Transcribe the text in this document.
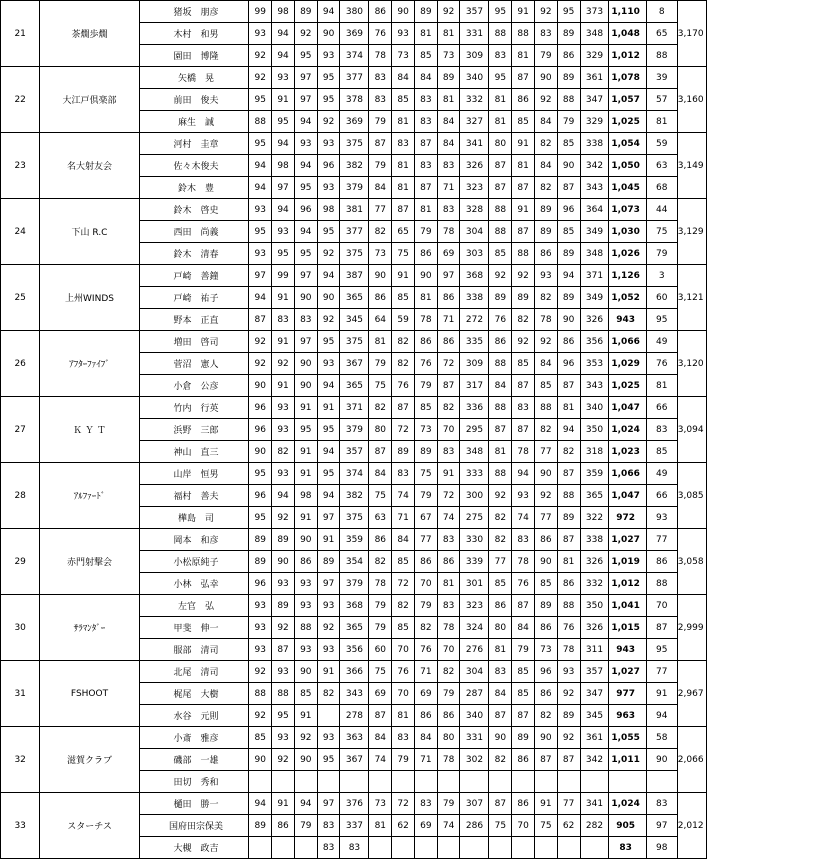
21	茶燗歩燗	猪坂　朋彦	99	98	89	94	380	86	90	89	92	357	95	91	92	95	373	1,110	8	3,170
		木村　和男	93	94	92	90	369	76	93	81	81	331	88	88	83	89	348	1,048	65	
		園田　博隆	92	94	95	93	374	78	73	85	73	309	83	81	79	86	329	1,012	88	
22	大江戸倶楽部	矢橋　晃	92	93	97	95	377	83	84	84	89	340	95	87	90	89	361	1,078	39	3,160
		前田　俊夫	95	91	97	95	378	83	85	83	81	332	81	86	92	88	347	1,057	57	
		麻生　誠	88	95	94	92	369	79	81	83	84	327	81	85	84	79	329	1,025	81	
23	名大射友会	河村　圭章	95	94	93	93	375	87	83	87	84	341	80	91	82	85	338	1,054	59	3,149
		佐々木俊夫	94	98	94	96	382	79	81	83	83	326	87	81	84	90	342	1,050	63	
		鈴木　豊	94	97	95	93	379	84	81	87	71	323	87	87	82	87	343	1,045	68	
24	下山 R.C	鈴木　啓史	93	94	96	98	381	77	87	81	83	328	88	91	89	96	364	1,073	44	3,129
		西田　尚義	95	93	94	95	377	82	65	79	78	304	88	87	89	85	349	1,030	75	
		鈴木　清春	93	95	95	92	375	73	75	86	69	303	85	88	86	89	348	1,026	79	
25	上州WINDS	戸崎　善鐘	97	99	97	94	387	90	91	90	97	368	92	92	93	94	371	1,126	3	3,121
		戸崎　祐子	94	91	90	90	365	86	85	81	86	338	89	89	82	89	349	1,052	60	
		野本　正直	87	83	83	92	345	64	59	78	71	272	76	82	78	90	326	943	95	
26	ｱﾌﾀｰﾌｧｲﾌﾞ	増田　啓司	92	91	97	95	375	81	82	86	86	335	86	92	92	86	356	1,066	49	3,120
		菅沼　憲人	92	92	90	93	367	79	82	76	72	309	88	85	84	96	353	1,029	76	
		小倉　公彦	90	91	90	94	365	75	76	79	87	317	84	87	85	87	343	1,025	81	
27	Ｋ Ｙ Ｔ	竹内　行英	96	93	91	91	371	82	87	85	82	336	88	83	88	81	340	1,047	66	3,094
		浜野　三郎	96	93	95	95	379	80	72	73	70	295	87	87	82	94	350	1,024	83	
		神山　直三	90	82	91	94	357	87	89	89	83	348	81	78	77	82	318	1,023	85	
28	ｱﾙﾌｧｰﾄﾞ	山岸　恒男	95	93	91	95	374	84	83	75	91	333	88	94	90	87	359	1,066	49	3,085
		福村　善夫	96	94	98	94	382	75	74	79	72	300	92	93	92	88	365	1,047	66	
		樺島　司	95	92	91	97	375	63	71	67	74	275	82	74	77	89	322	972	93	
29	赤門射撃会	岡本　和彦	89	89	90	91	359	86	84	77	83	330	82	83	86	87	338	1,027	77	3,058
		小松原純子	89	90	86	89	354	82	85	86	86	339	77	78	90	81	326	1,019	86	
		小林　弘幸	96	93	93	97	379	78	72	70	81	301	85	76	85	86	332	1,012	88	
30	ｻﾗﾏﾝﾀﾞｰ	左官　弘	93	89	93	93	368	79	82	79	83	323	86	87	89	88	350	1,041	70	2,999
		甲斐　伸一	93	92	88	92	365	79	85	82	78	324	80	84	86	76	326	1,015	87	
		服部　清司	93	87	93	93	356	60	70	76	70	276	81	79	73	78	311	943	95	
31	FSHOOT	北尾　清司	92	93	90	91	366	75	76	71	82	304	83	85	96	93	357	1,027	77	2,967
		梶尾　大樹	88	88	85	82	343	69	70	69	79	287	84	85	86	92	347	977	91	
		水谷　元則	92	95	91		278	87	81	86	86	340	87	87	82	89	345	963	94	
32	滋賀クラブ	小斎　雅彦	85	93	92	93	363	84	83	84	80	331	90	89	90	92	361	1,055	58	2,066
		磯部　一雄	90	92	90	95	367	74	79	71	78	302	82	86	87	87	342	1,011	90	
		田切　秀和																		
33	スターチス	樋田　勝一	94	91	94	97	376	73	72	83	79	307	87	86	91	77	341	1,024	83	2,012
		国府田宗保美	89	86	79	83	337	81	62	69	74	286	75	70	75	62	282	905	97	
		大槻　政吉				83	83											83	98	
